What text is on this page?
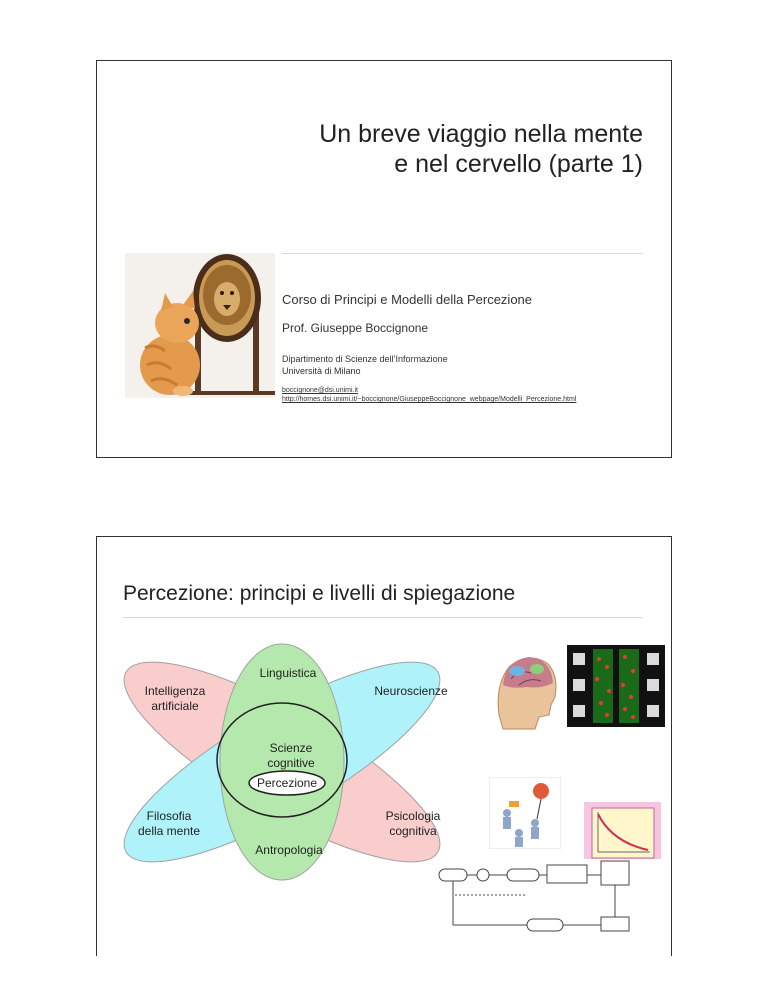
Un breve viaggio nella mente
e nel cervello (parte 1)
Corso di Principi e Modelli della Percezione
Prof. Giuseppe Boccignone
Dipartimento di Scienze dell’Informazione
Università di Milano
boccignone@dsi.unimi.it
http://homes.dsi.unimi.it/~boccignone/GiuseppeBoccignone_webpage/Modelli_Percezione.html
Percezione: principi e livelli di spiegazione
Linguistica
Intelligenza
artificiale
Neuroscienze
Scienze
cognitive
Percezione
Filosofia
della mente
Psicologia
cognitiva
Antropologia
